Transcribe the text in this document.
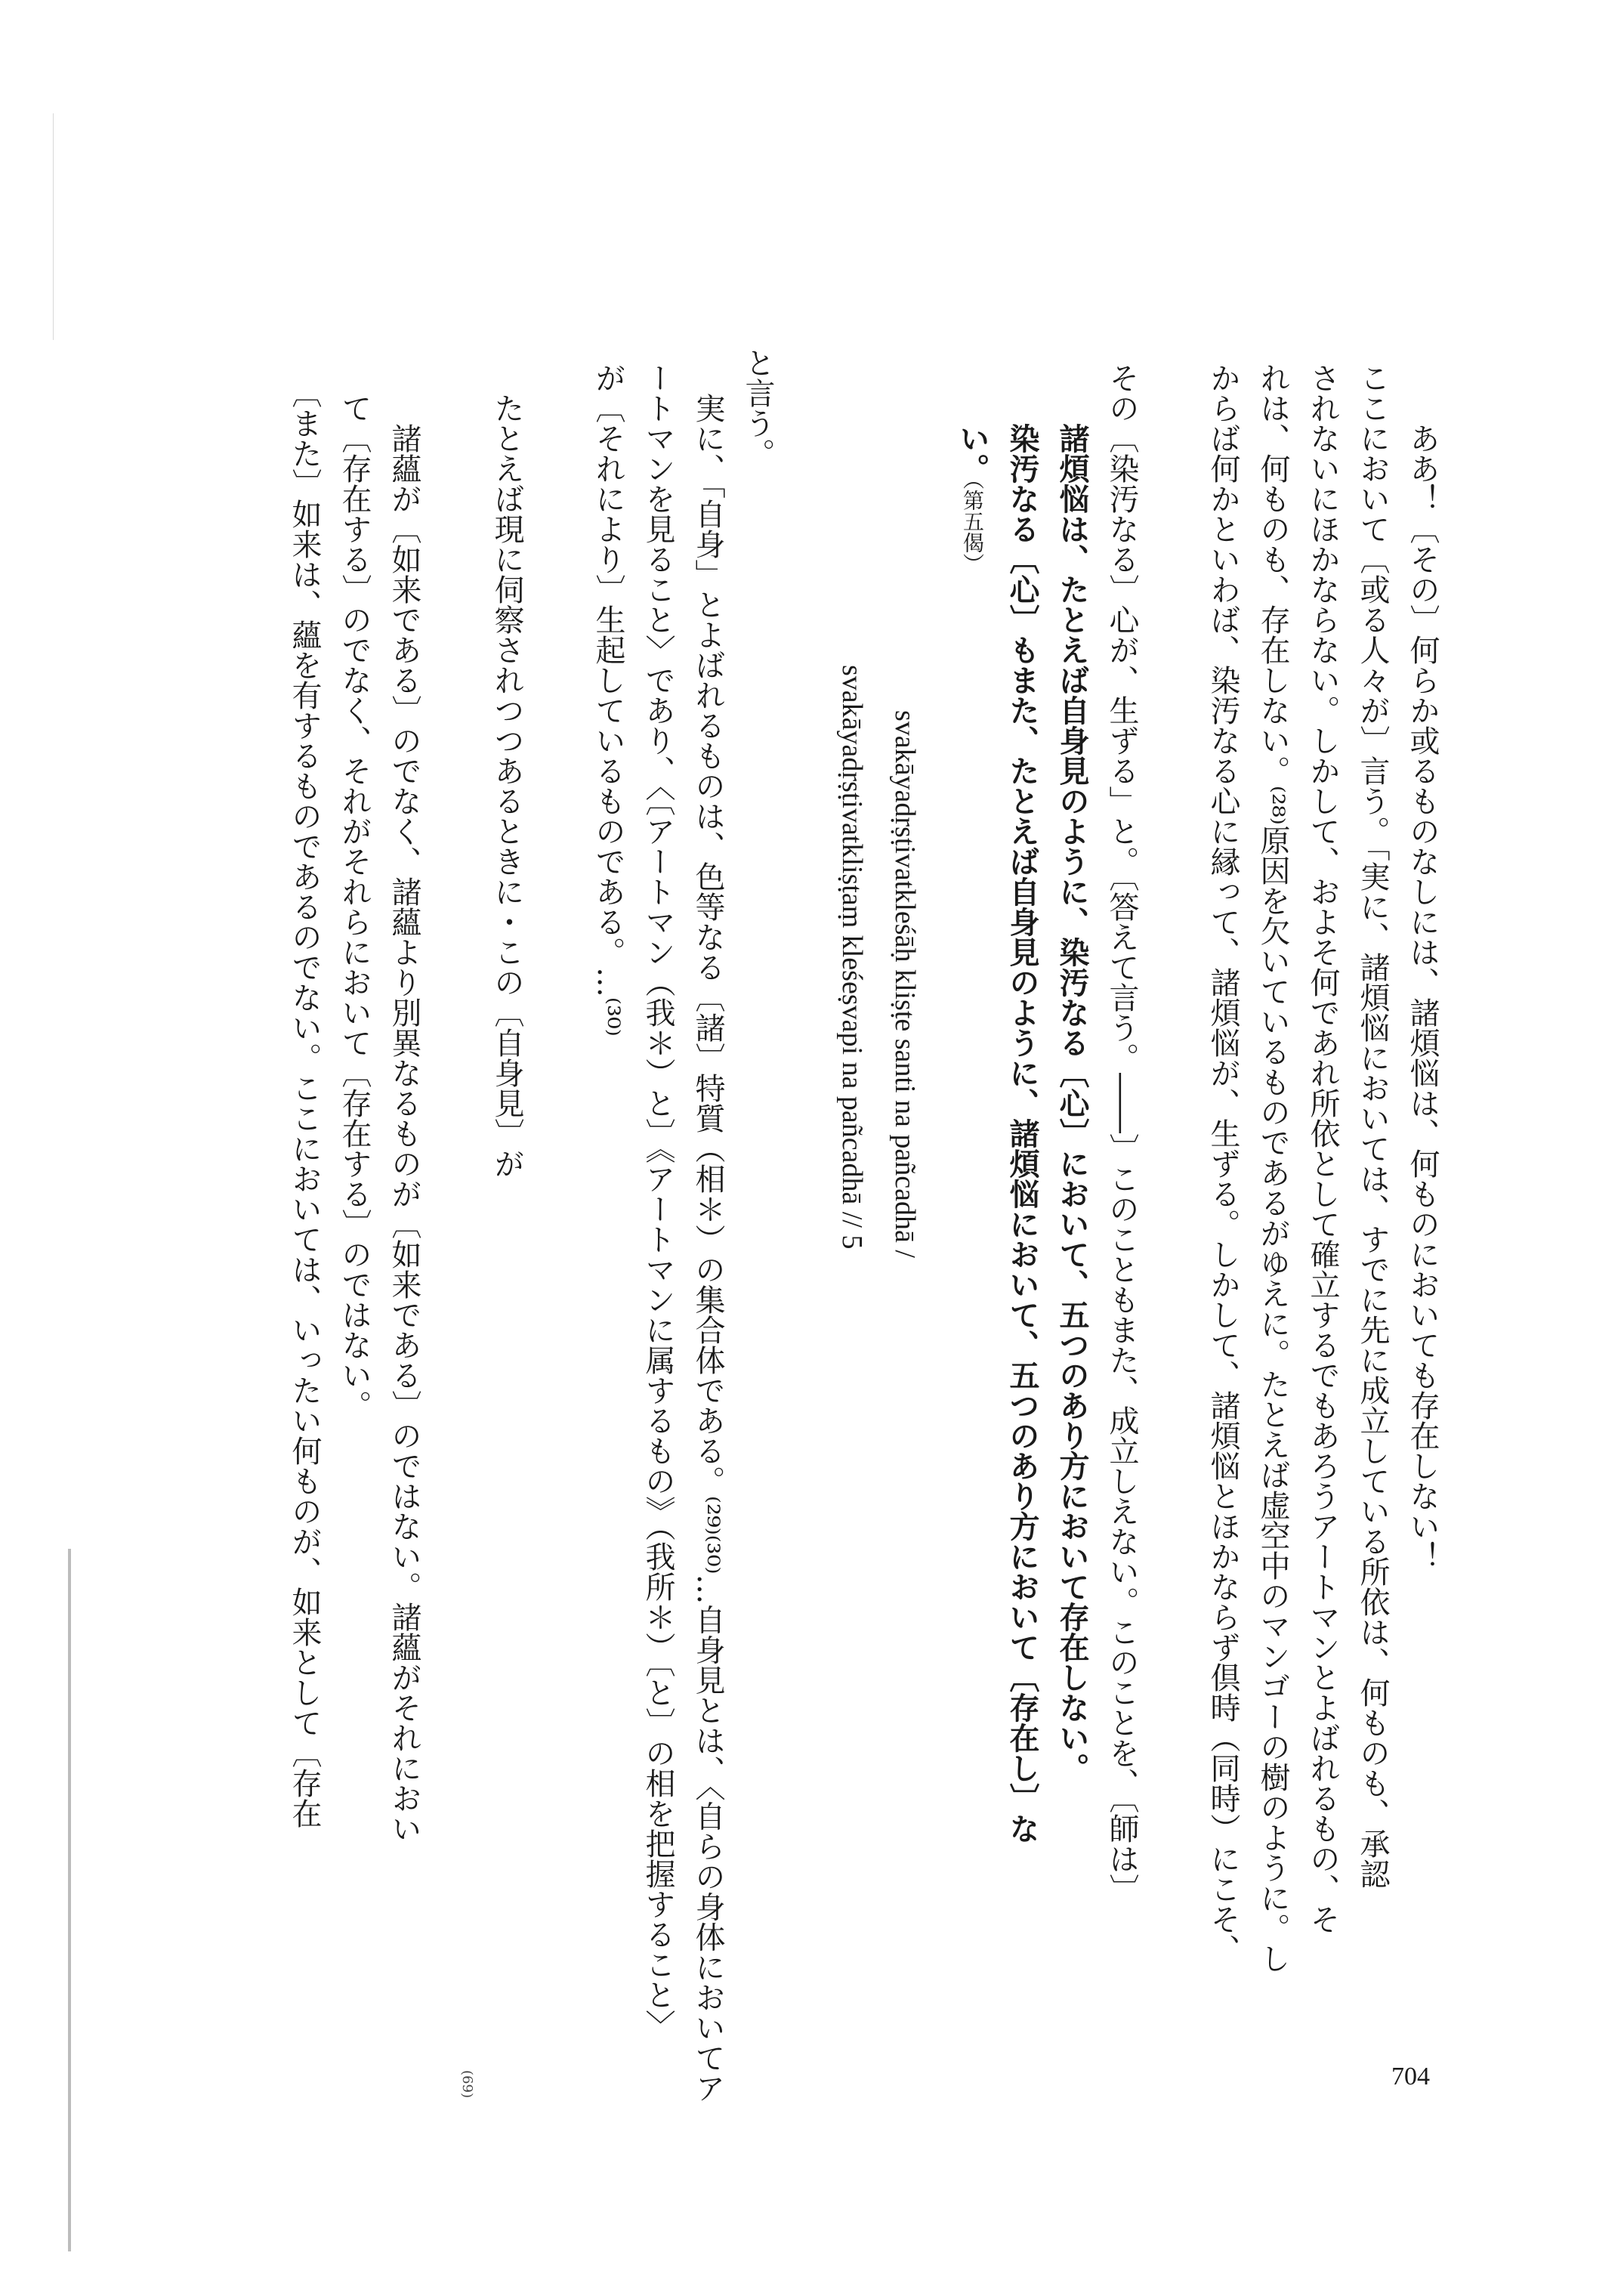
704
(69)

　　ああ！〔その〕何らか或るものなしには、諸煩悩は、何ものにおいても存在しない！

ここにおいて〔或る人々が〕言う。「実に、諸煩悩においては、すでに先に成立している所依は、何ものも、承認

されないにほかならない。しかして、およそ何であれ所依として確立するでもあろうアートマンとよばれるもの、そ

れは、何ものも、存在しない。⁽²⁸⁾原因を欠いているものであるがゆえに。たとえば虚空中のマンゴーの樹のように。し

からば何かといわば、染汚なる心に縁って、諸煩悩が、生ずる。しかして、諸煩悩とほかならず倶時（同時）にこそ、

その〔染汚なる〕心が、生ずる」と。〔答えて言う。――〕このこともまた、成立しえない。このことを、〔師は〕

　　諸煩悩は、たとえば自身見のように、染汚なる〔心〕において、五つのあり方において存在しない。

　　染汚なる〔心〕もまた、たとえば自身見のように、諸煩悩において、五つのあり方において〔存在し〕な

　　い。

（第五偈）

svakāyadṛṣṭivatkleśāḥ kliṣṭe santi na pañcadhā /

svakāyadṛṣṭivatkliṣṭaṃ kleśeṣvapi na pañcadhā // 5

と言う。

　実に、「自身」とよばれるものは、色等なる〔諸〕特質（相＊）の集合体である。⁽²⁹⁾⁽³⁰⁾…自身見とは、〈自らの身体においてア

ートマンを見ること〉であり、〈〔アートマン（我＊）と〕《アートマンに属するもの》（我所＊）〔と〕の相を把握すること〉

が〔それにより〕生起しているものである。…⁽³⁰⁾

　たとえば現に伺察されつつあるときに・この〔自身見〕が

　　諸蘊が〔如来である〕のでなく、諸蘊より別異なるものが〔如来である〕のではない。諸蘊がそれにおい

　て〔存在する〕のでなく、それがそれらにおいて〔存在する〕のではない。

　〔また〕如来は、蘊を有するものであるのでない。ここにおいては、いったい何ものが、如来として〔存在
